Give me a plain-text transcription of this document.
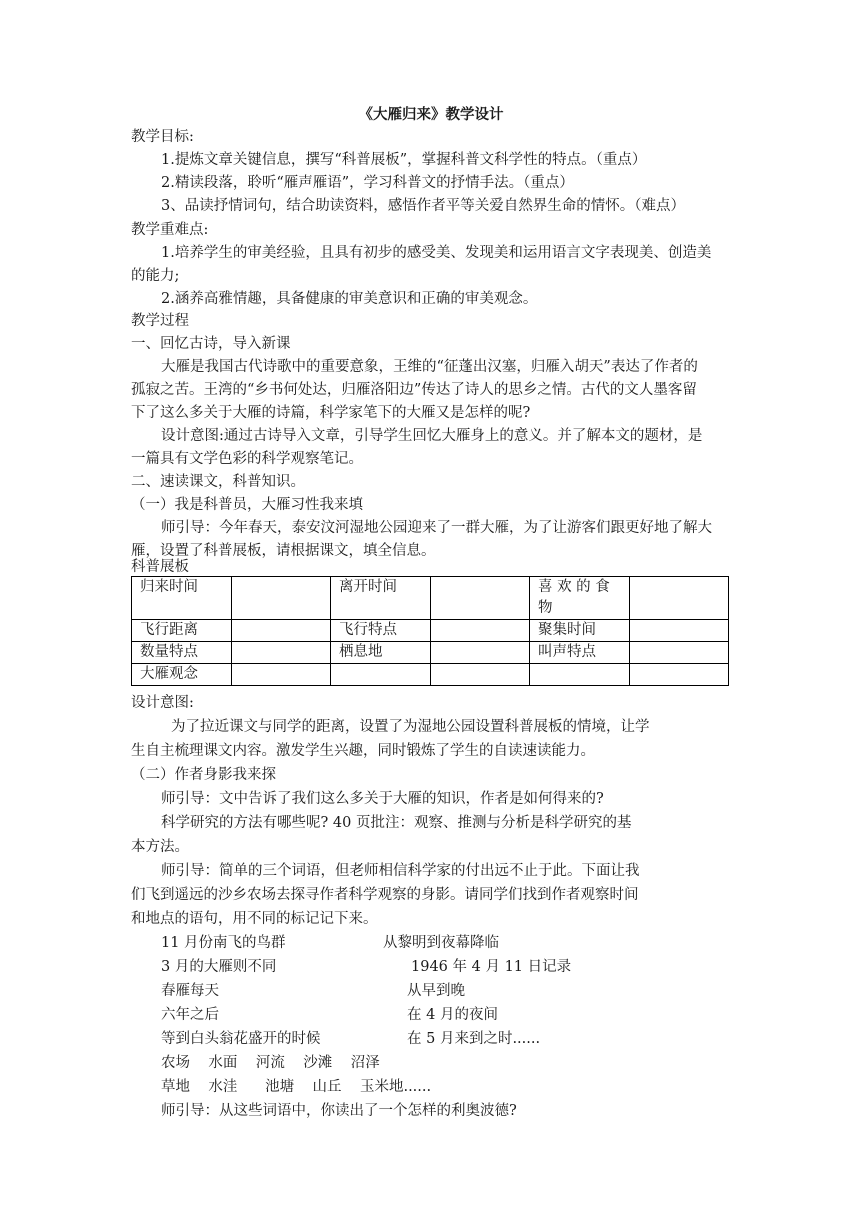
《大雁归来》教学设计
教学目标:
1.提炼文章关键信息，撰写“科普展板”，掌握科普文科学性的特点。（重点）
2.精读段落，聆听“雁声雁语”，学习科普文的抒情手法。（重点）
3、品读抒情词句，结合助读资料，感悟作者平等关爱自然界生命的情怀。（难点）
教学重难点:
1.培养学生的审美经验，且具有初步的感受美、发现美和运用语言文字表现美、创造美
的能力;
2.涵养高雅情趣，具备健康的审美意识和正确的审美观念。
教学过程
一、回忆古诗，导入新课
大雁是我国古代诗歌中的重要意象，王维的“征蓬出汉塞，归雁入胡天”表达了作者的
孤寂之苦。王湾的“乡书何处达，归雁洛阳边”传达了诗人的思乡之情。古代的文人墨客留
下了这么多关于大雁的诗篇，科学家笔下的大雁又是怎样的呢?
设计意图:通过古诗导入文章，引导学生回忆大雁身上的意义。并了解本文的题材，是
一篇具有文学色彩的科学观察笔记。
二、速读课文，科普知识。
（一）我是科普员，大雁习性我来填
师引导：今年春天，泰安汶河湿地公园迎来了一群大雁，为了让游客们跟更好地了解大
雁，设置了科普展板，请根据课文，填全信息。
科普展板
归来时间		离开时间		喜 欢 的 食
物	
飞行距离		飞行特点		聚集时间	
数量特点		栖息地		叫声特点	
大雁观念					
设计意图:
为了拉近课文与同学的距离，设置了为湿地公园设置科普展板的情境，让学
生自主梳理课文内容。激发学生兴趣，同时锻炼了学生的自读速读能力。
（二）作者身影我来探
师引导：文中告诉了我们这么多关于大雁的知识，作者是如何得来的?
科学研究的方法有哪些呢? 40 页批注：观察、推测与分析是科学研究的基
本方法。
师引导：简单的三个词语，但老师相信科学家的付出远不止于此。下面让我
们飞到遥远的沙乡农场去探寻作者科学观察的身影。请同学们找到作者观察时间
和地点的语句，用不同的标记记下来。
11 月份南飞的鸟群	从黎明到夜幕降临
3 月的大雁则不同	1946 年 4 月 11 日记录
春雁每天	从早到晚
六年之后	在 4 月的夜间
等到白头翁花盛开的时候	在 5 月来到之时......
农场    水面    河流    沙滩    沼泽
草地    水洼      池塘    山丘    玉米地......
师引导：从这些词语中，你读出了一个怎样的利奥波德?
